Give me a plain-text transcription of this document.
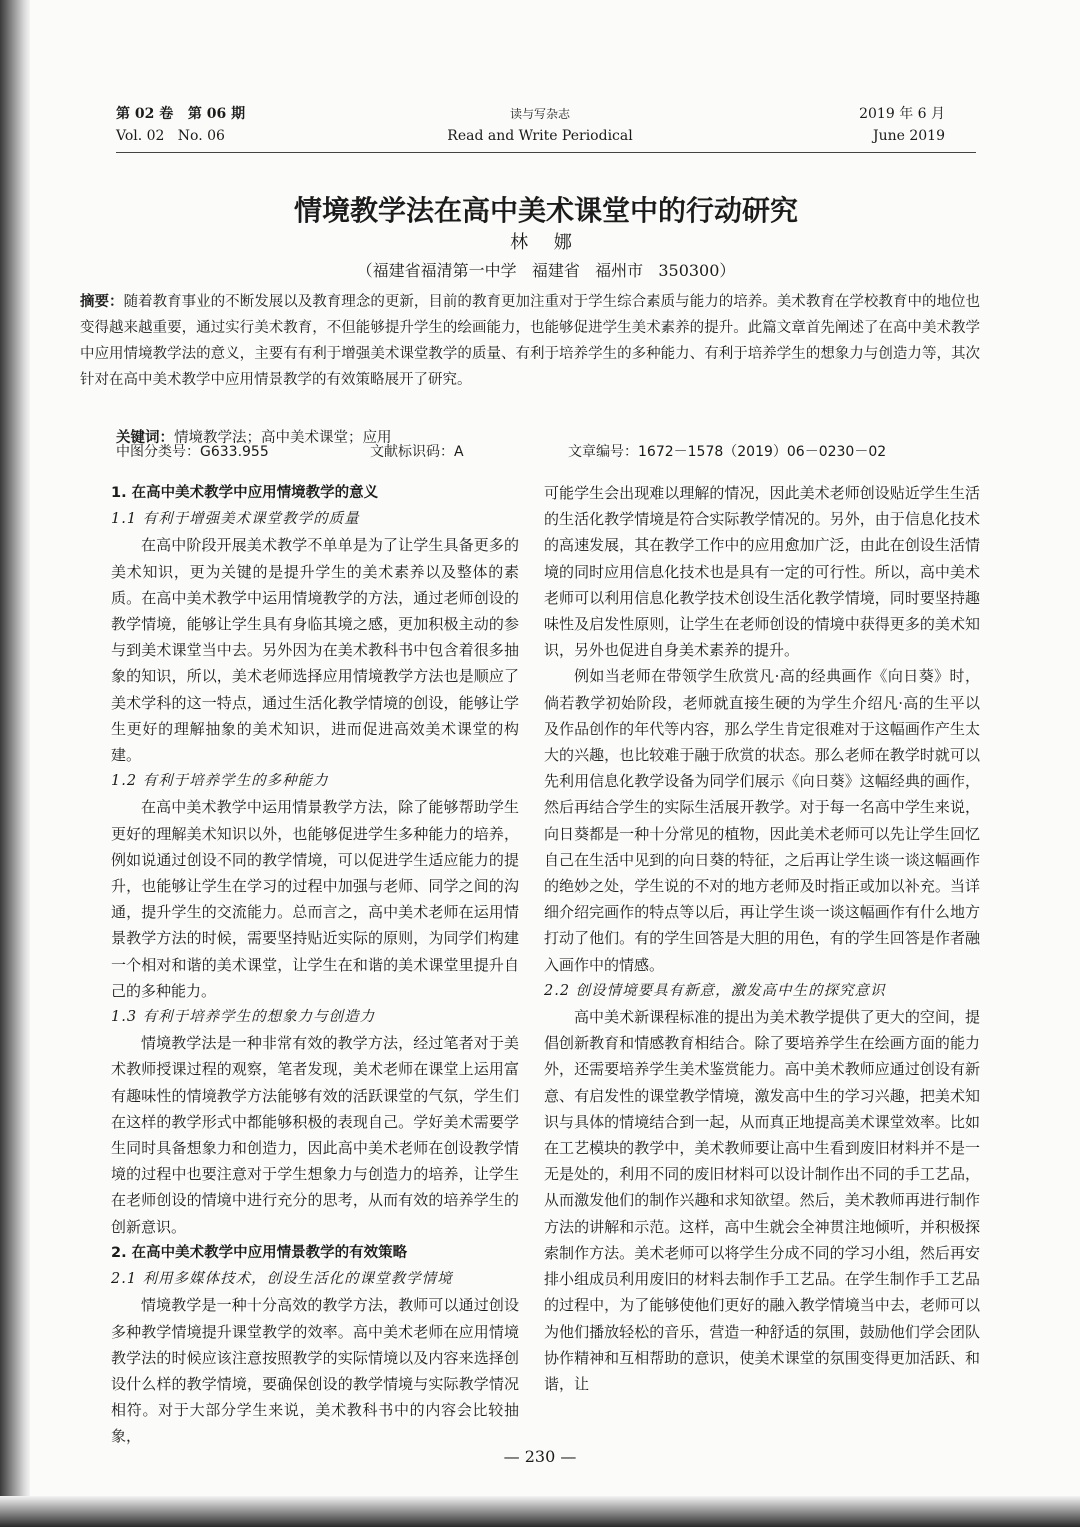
第 02 卷   第 06 期
Vol. 02   No. 06
读与写杂志
Read and Write Periodical
2019 年 6 月
June 2019
情境教学法在高中美术课堂中的行动研究
林 娜
（福建省福清第一中学   福建省   福州市   350300）
摘要：随着教育事业的不断发展以及教育理念的更新，目前的教育更加注重对于学生综合素质与能力的培养。美术教育在学校教育中的地位也变得越来越重要，通过实行美术教育，不但能够提升学生的绘画能力，也能够促进学生美术素养的提升。此篇文章首先阐述了在高中美术教学中应用情境教学法的意义，主要有有利于增强美术课堂教学的质量、有利于培养学生的多种能力、有利于培养学生的想象力与创造力等，其次针对在高中美术教学中应用情景教学的有效策略展开了研究。
关键词：情境教学法；高中美术课堂；应用
中图分类号：G633.955	文献标识码：A	文章编号：1672－1578（2019）06－0230－02
1. 在高中美术教学中应用情境教学的意义
1.1 有利于增强美术课堂教学的质量

在高中阶段开展美术教学不单单是为了让学生具备更多的美术知识，更为关键的是提升学生的美术素养以及整体的素质。在高中美术教学中运用情境教学的方法，通过老师创设的教学情境，能够让学生具有身临其境之感，更加积极主动的参与到美术课堂当中去。另外因为在美术教科书中包含着很多抽象的知识，所以，美术老师选择应用情境教学方法也是顺应了美术学科的这一特点，通过生活化教学情境的创设，能够让学生更好的理解抽象的美术知识，进而促进高效美术课堂的构建。

1.2 有利于培养学生的多种能力

在高中美术教学中运用情景教学方法，除了能够帮助学生更好的理解美术知识以外，也能够促进学生多种能力的培养，例如说通过创设不同的教学情境，可以促进学生适应能力的提升，也能够让学生在学习的过程中加强与老师、同学之间的沟通，提升学生的交流能力。总而言之，高中美术老师在运用情景教学方法的时候，需要坚持贴近实际的原则，为同学们构建一个相对和谐的美术课堂，让学生在和谐的美术课堂里提升自己的多种能力。

1.3 有利于培养学生的想象力与创造力

情境教学法是一种非常有效的教学方法，经过笔者对于美术教师授课过程的观察，笔者发现，美术老师在课堂上运用富有趣味性的情境教学方法能够有效的活跃课堂的气氛，学生们在这样的教学形式中都能够积极的表现自己。学好美术需要学生同时具备想象力和创造力，因此高中美术老师在创设教学情境的过程中也要注意对于学生想象力与创造力的培养，让学生在老师创设的情境中进行充分的思考，从而有效的培养学生的创新意识。

2. 在高中美术教学中应用情景教学的有效策略
2.1 利用多媒体技术，创设生活化的课堂教学情境

情境教学是一种十分高效的教学方法，教师可以通过创设多种教学情境提升课堂教学的效率。高中美术老师在应用情境教学法的时候应该注意按照教学的实际情境以及内容来选择创设什么样的教学情境，要确保创设的教学情境与实际教学情况相符。对于大部分学生来说，美术教科书中的内容会比较抽象，

可能学生会出现难以理解的情况，因此美术老师创设贴近学生生活的生活化教学情境是符合实际教学情况的。另外，由于信息化技术的高速发展，其在教学工作中的应用愈加广泛，由此在创设生活情境的同时应用信息化技术也是具有一定的可行性。所以，高中美术老师可以利用信息化教学技术创设生活化教学情境，同时要坚持趣味性及启发性原则，让学生在老师创设的情境中获得更多的美术知识，另外也促进自身美术素养的提升。

例如当老师在带领学生欣赏凡·高的经典画作《向日葵》时，倘若教学初始阶段，老师就直接生硬的为学生介绍凡·高的生平以及作品创作的年代等内容，那么学生肯定很难对于这幅画作产生太大的兴趣，也比较难于融于欣赏的状态。那么老师在教学时就可以先利用信息化教学设备为同学们展示《向日葵》这幅经典的画作，然后再结合学生的实际生活展开教学。对于每一名高中学生来说，向日葵都是一种十分常见的植物，因此美术老师可以先让学生回忆自己在生活中见到的向日葵的特征，之后再让学生谈一谈这幅画作的绝妙之处，学生说的不对的地方老师及时指正或加以补充。当详细介绍完画作的特点等以后，再让学生谈一谈这幅画作有什么地方打动了他们。有的学生回答是大胆的用色，有的学生回答是作者融入画作中的情感。

2.2 创设情境要具有新意，激发高中生的探究意识

高中美术新课程标准的提出为美术教学提供了更大的空间，提倡创新教育和情感教育相结合。除了要培养学生在绘画方面的能力外，还需要培养学生美术鉴赏能力。高中美术教师应通过创设有新意、有启发性的课堂教学情境，激发高中生的学习兴趣，把美术知识与具体的情境结合到一起，从而真正地提高美术课堂效率。比如在工艺模块的教学中，美术教师要让高中生看到废旧材料并不是一无是处的，利用不同的废旧材料可以设计制作出不同的手工艺品，从而激发他们的制作兴趣和求知欲望。然后，美术教师再进行制作方法的讲解和示范。这样，高中生就会全神贯注地倾听，并积极探索制作方法。美术老师可以将学生分成不同的学习小组，然后再安排小组成员利用废旧的材料去制作手工艺品。在学生制作手工艺品的过程中，为了能够使他们更好的融入教学情境当中去，老师可以为他们播放轻松的音乐，营造一种舒适的氛围，鼓励他们学会团队协作精神和互相帮助的意识，使美术课堂的氛围变得更加活跃、和谐，让

— 230 —
